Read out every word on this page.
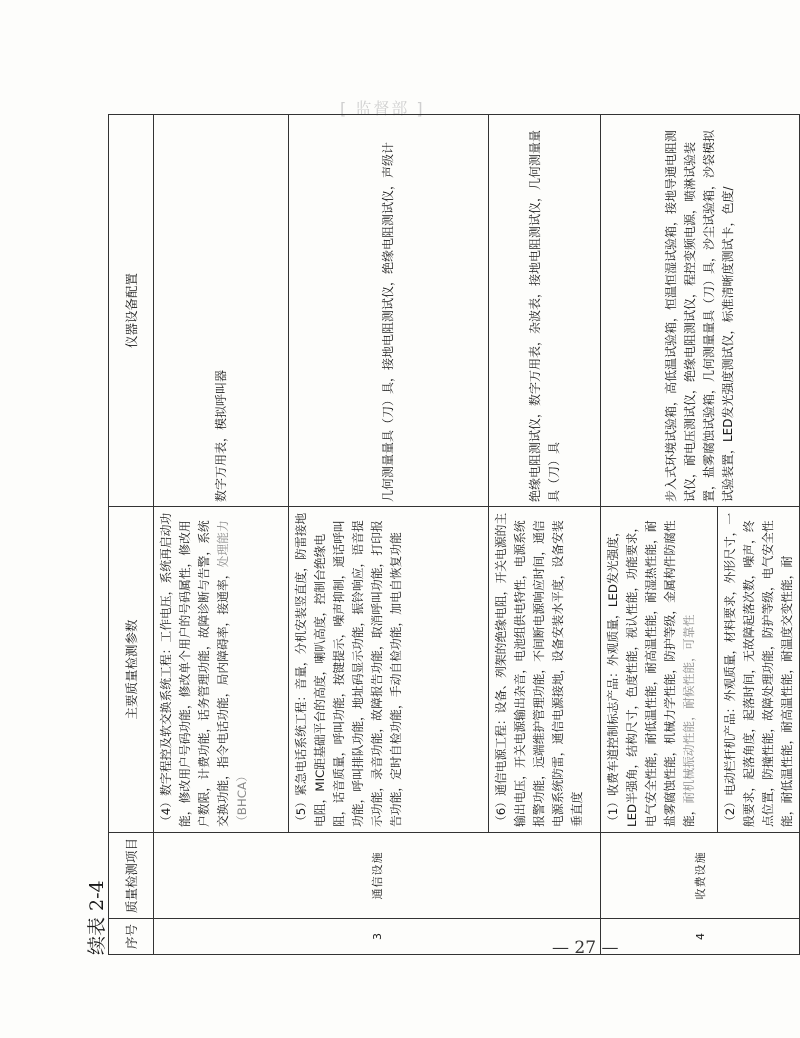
[ 监督部 ]
续表 2-4 序号	质量检测项目	主要质量检测参数	仪器设备配置
3	通信设施	（4）数字程控及软交换系统工程：工作电压，系统再启动功能，修改用户号码功能，修改单个用户的号码属性，修改用户数限，计费功能，话务管理功能，故障诊断与告警，系统交换功能，指令电话功能，局内障碍率，接通率，处理能力（BHCA）	数字万用表，模拟呼叫器
		（5）紧急电话系统工程：音量，分机安装竖直度，防雷接地电阻，MIC距基础平台的高度，喇叭高度，控制台绝缘电阻，话音质量，呼叫功能，按键提示，噪声抑制，通话呼叫功能，呼叫排队功能，地址码显示功能，振铃响应，语音提示功能，录音功能，故障报告功能，取消呼叫功能，打印报告功能，定时自检功能，手动自检功能，加电自恢复功能	几何测量量具（刀）具，接地电阻测试仪，绝缘电阻测试仪，声级计
		（6）通信电源工程：设备、列架的绝缘电阻，开关电源的主输出电压，开关电源输出杂音，电池组供电特性，电源系统报警功能，远端维护管理功能，不间断电源响应时间，通信电源系统防雷，通信电源接地，设备安装水平度，设备安装垂直度	绝缘电阻测试仪，数字万用表，杂波表，接地电阻测试仪，几何测量量具（刀）具
4	收费设施	（1）收费车道控制标志产品：外观质量，LED发光强度，LED半强角，结构尺寸，色度性能，视认性能，功能要求，电气安全性能，耐低温性能，耐高温性能，耐湿热性能，耐盐雾腐蚀性能，机械力学性能，防护等级，金属构件防腐性能，耐机械振动性能，耐候性能，可靠性	步入式环境试验箱，高低温试验箱，恒温恒湿试验箱，接地导通电阻测试仪，耐电压测试仪，绝缘电阻测试仪，程控变频电源，喷淋试验装置，盐雾腐蚀试验箱，几何测量量具（刀）具，沙尘试验箱，沙袋模拟试验装置，LED发光强度测试仪，标准清晰度测试卡，色度/
		（2）电动栏杆机产品：外观质量，材料要求，外形尺寸，一般要求，起落角度，起落时间，无故障起落次数，噪声，终点位置，防撞性能，故障处理功能，防护等级，电气安全性能，耐低温性能，耐高温性能，耐温度交变性能，耐	
— 27 —
